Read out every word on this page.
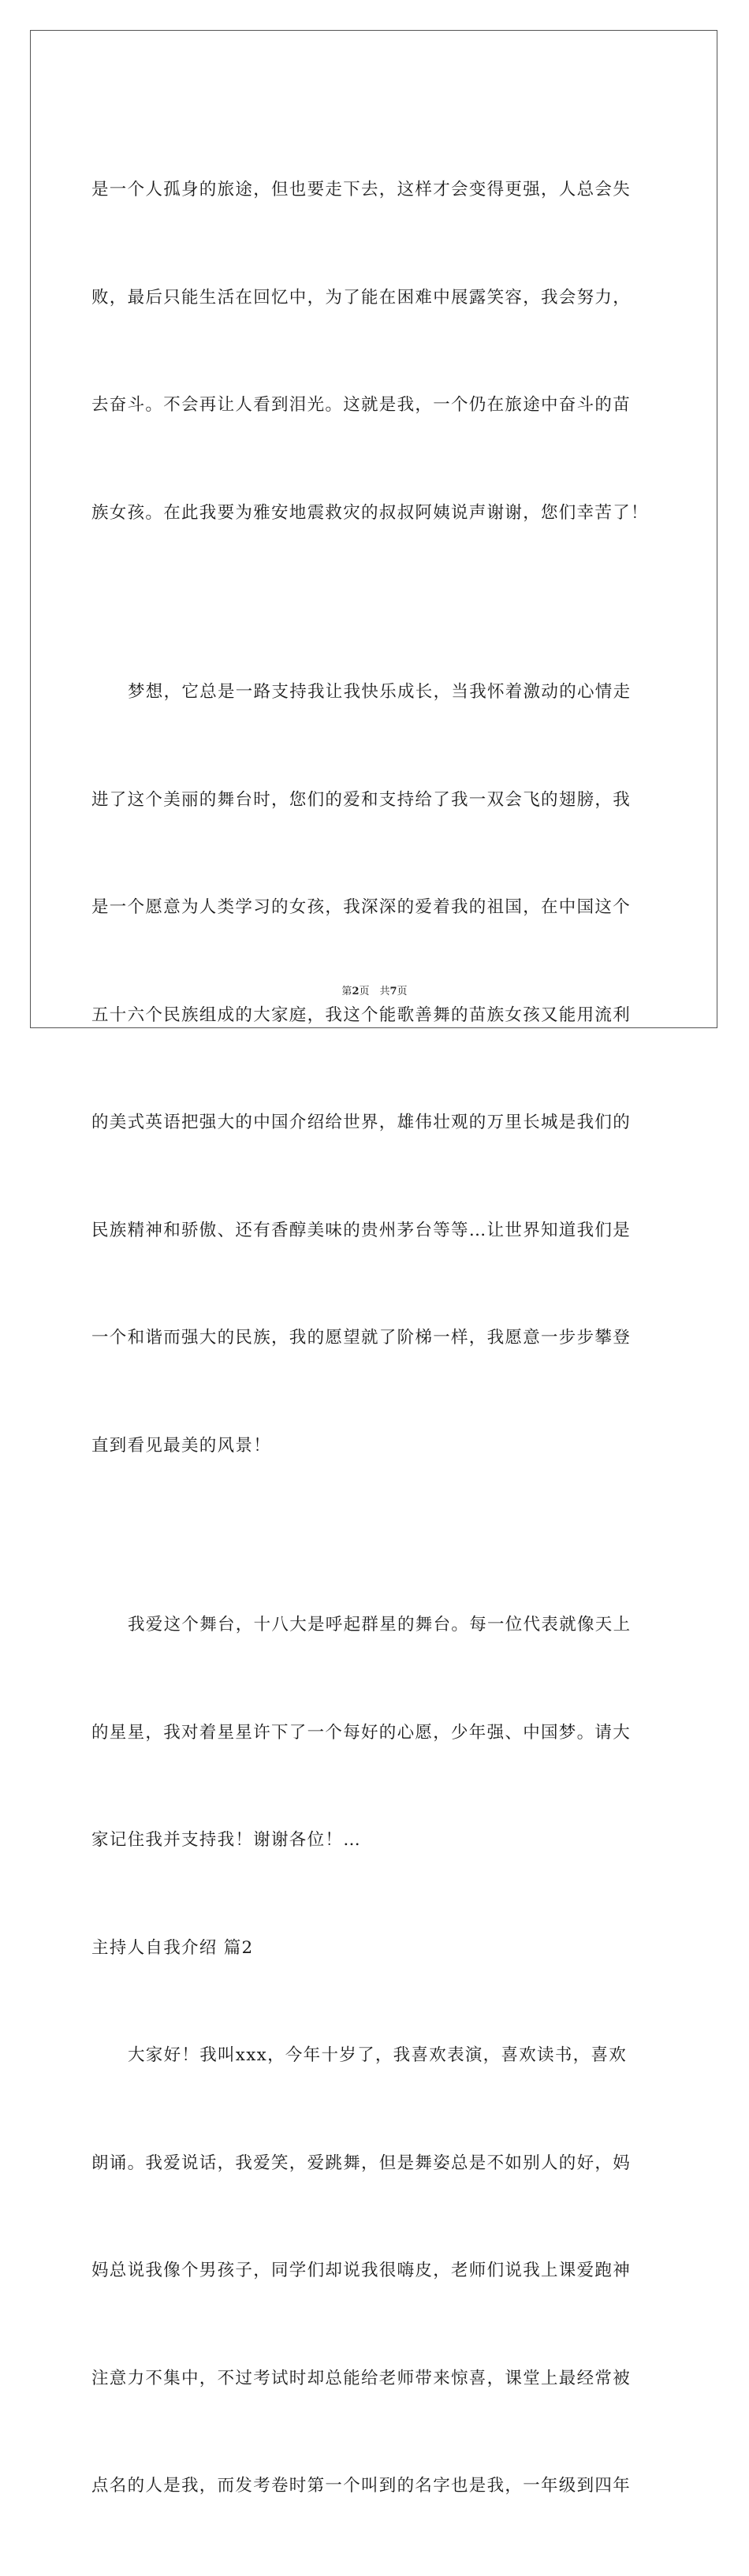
是一个人孤身的旅途，但也要走下去，这样才会变得更强，人总会失

败，最后只能生活在回忆中，为了能在困难中展露笑容，我会努力，

去奋斗。不会再让人看到泪光。这就是我，一个仍在旅途中奋斗的苗

族女孩。在此我要为雅安地震救灾的叔叔阿姨说声谢谢，您们幸苦了！

梦想，它总是一路支持我让我快乐成长，当我怀着激动的心情走

进了这个美丽的舞台时，您们的爱和支持给了我一双会飞的翅膀，我

是一个愿意为人类学习的女孩，我深深的爱着我的祖国，在中国这个

五十六个民族组成的大家庭，我这个能歌善舞的苗族女孩又能用流利

的美式英语把强大的中国介绍给世界，雄伟壮观的万里长城是我们的

民族精神和骄傲、还有香醇美味的贵州茅台等等…让世界知道我们是

一个和谐而强大的民族，我的愿望就了阶梯一样，我愿意一步步攀登

直到看见最美的风景！

我爱这个舞台，十八大是呼起群星的舞台。每一位代表就像天上

的星星，我对着星星许下了一个每好的心愿，少年强、中国梦。请大

家记住我并支持我！谢谢各位！…

主持人自我介绍 篇2

大家好！我叫xxx，今年十岁了，我喜欢表演，喜欢读书，喜欢

朗诵。我爱说话，我爱笑，爱跳舞，但是舞姿总是不如别人的好，妈

妈总说我像个男孩子，同学们却说我很嗨皮，老师们说我上课爱跑神

注意力不集中，不过考试时却总能给老师带来惊喜，课堂上最经常被

点名的人是我，而发考卷时第一个叫到的名字也是我，一年级到四年

第2页　共7页
